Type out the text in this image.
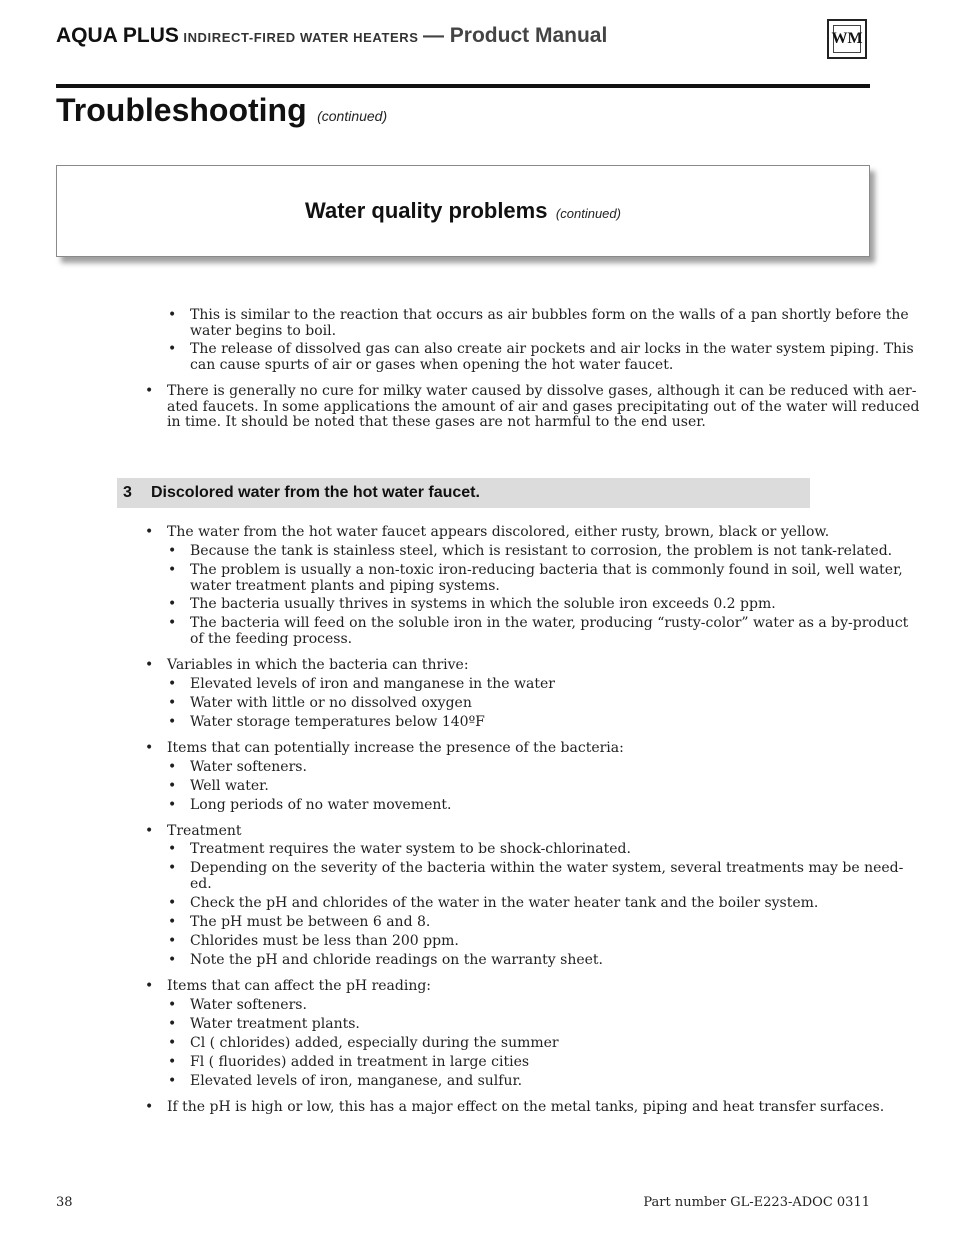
AQUA PLUS INDIRECT-FIRED WATER HEATERS — Product Manual	WM
Troubleshooting (continued)
Water quality problems (continued)
3 Discolored water from the hot water faucet.
• This is similar to the reaction that occurs as air bubbles form on the walls of a pan shortly before the
water begins to boil.
• The release of dissolved gas can also create air pockets and air locks in the water system piping. This
can cause spurts of air or gases when opening the hot water faucet.
• There is generally no cure for milky water caused by dissolve gases, although it can be reduced with aer-
ated faucets. In some applications the amount of air and gases precipitating out of the water will reduced
in time. It should be noted that these gases are not harmful to the end user.
• The water from the hot water faucet appears discolored, either rusty, brown, black or yellow.
• Because the tank is stainless steel, which is resistant to corrosion, the problem is not tank-related.
• The problem is usually a non-toxic iron-reducing bacteria that is commonly found in soil, well water,
water treatment plants and piping systems.
• The bacteria usually thrives in systems in which the soluble iron exceeds 0.2 ppm.
• The bacteria will feed on the soluble iron in the water, producing “rusty-color” water as a by-product
of the feeding process.
• Variables in which the bacteria can thrive:
• Elevated levels of iron and manganese in the water
• Water with little or no dissolved oxygen
• Water storage temperatures below 140ºF
• Items that can potentially increase the presence of the bacteria:
• Water softeners.
• Well water.
• Long periods of no water movement.
• Treatment
• Treatment requires the water system to be shock-chlorinated.
• Depending on the severity of the bacteria within the water system, several treatments may be need-
ed.
• Check the pH and chlorides of the water in the water heater tank and the boiler system.
• The pH must be between 6 and 8.
• Chlorides must be less than 200 ppm.
• Note the pH and chloride readings on the warranty sheet.
• Items that can affect the pH reading:
• Water softeners.
• Water treatment plants.
• Cl ( chlorides) added, especially during the summer
• Fl ( fluorides) added in treatment in large cities
• Elevated levels of iron, manganese, and sulfur.
• If the pH is high or low, this has a major effect on the metal tanks, piping and heat transfer surfaces.
38	Part number GL-E223-ADOC 0311
